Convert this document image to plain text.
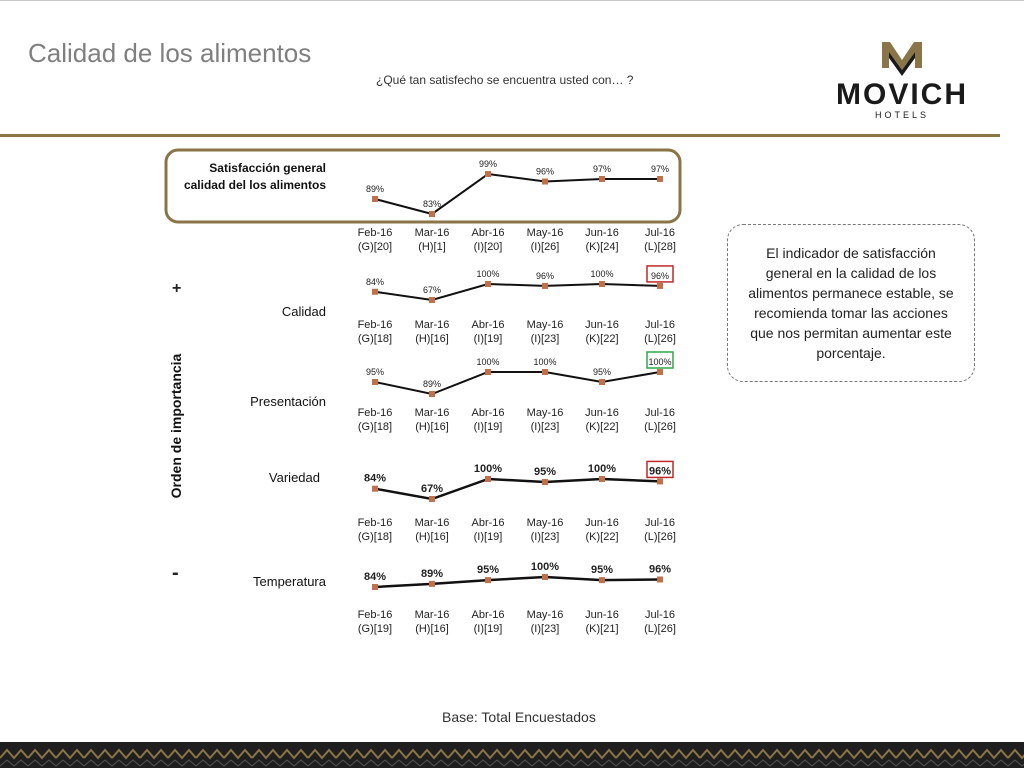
Calidad de los alimentos
¿Qué tan satisfecho se encuentra usted con… ?	MOVICH
HOTELS
+
-
Orden de importancia
El indicador de satisfacción general en la calidad de los alimentos permanece estable, se recomienda tomar las acciones que nos permitan aumentar este porcentaje.
Satisfacción general
calidad del los alimentos	89%
83%
99%
96%	97%	97%
Feb-16
(G)[20]
Mar-16
(H)[1]
Abr-16
(I)[20]
May-16
(I)[26]
Jun-16
(K)[24]
Jul-16
(L)[28]
Calidad
84%
67%
100%	96%	100%	96%
Feb-16
(G)[18]
Mar-16
(H)[16]
Abr-16
(I)[19]
May-16
(I)[23]
Jun-16
(K)[22]
Jul-16
(L)[26]
Presentación
95%
89%
100%	100%
95%
100%
Feb-16
(G)[18]
Mar-16
(H)[16]
Abr-16
(I)[19]
May-16
(I)[23]
Jun-16
(K)[22]
Jul-16
(L)[26]
Variedad	84%
67%
100%	95%	100%	96%
Feb-16
(G)[18]
Mar-16
(H)[16]
Abr-16
(I)[19]
May-16
(I)[23]
Jun-16
(K)[22]
Jul-16
(L)[26]
Temperatura	84%	89%	95%	100%	95%	96%
Feb-16
(G)[19]
Mar-16
(H)[16]
Abr-16
(I)[19]
May-16
(I)[23]
Jun-16
(K)[21]
Jul-16
(L)[26]
Base: Total Encuestados
